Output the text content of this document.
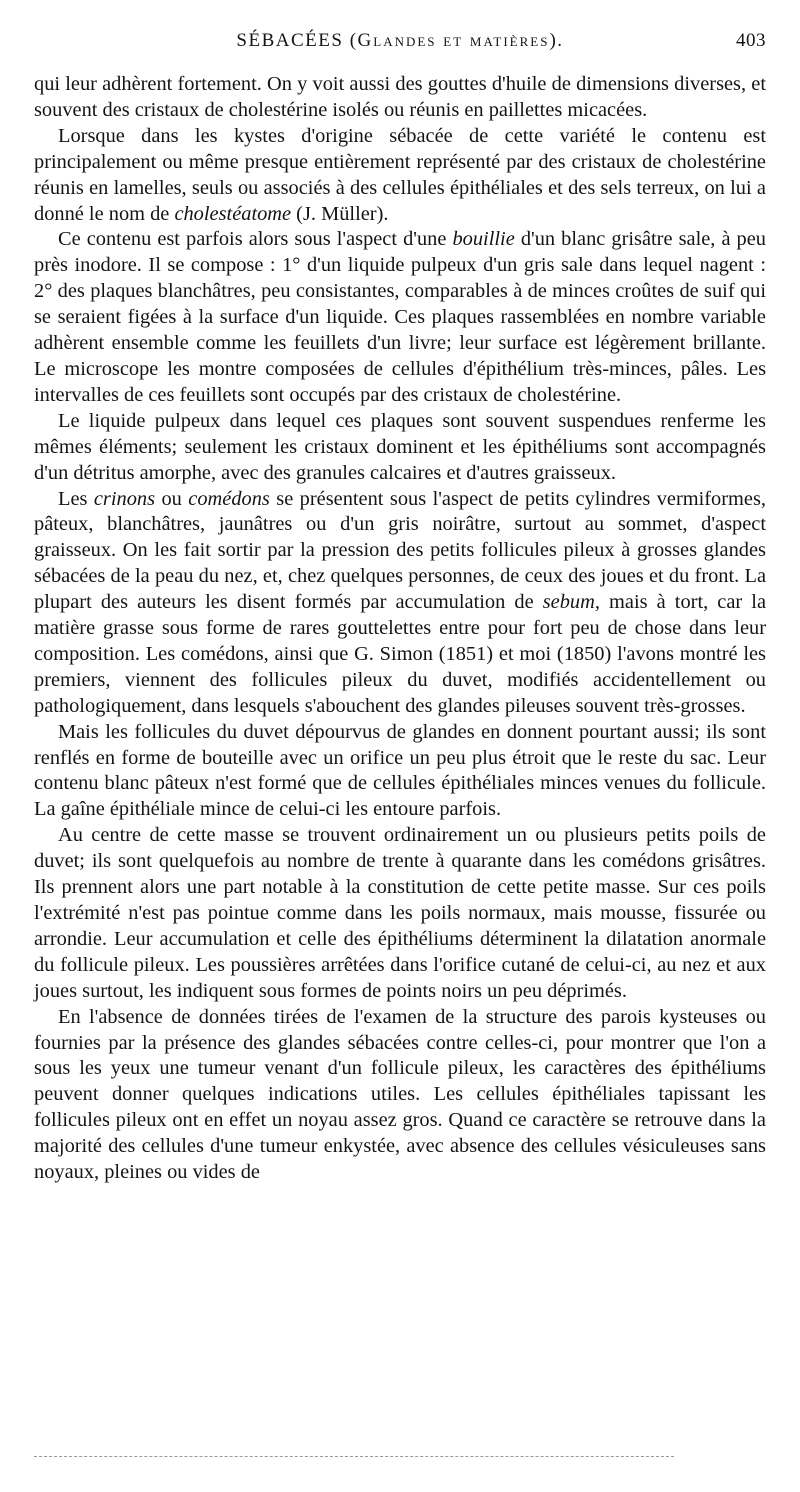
SÉBACÉES (Glandes et matières).	403

qui leur adhèrent fortement. On y voit aussi des gouttes d'huile de dimensions diverses, et souvent des cristaux de cholestérine isolés ou réunis en paillettes micacées.

Lorsque dans les kystes d'origine sébacée de cette variété le contenu est principalement ou même presque entièrement représenté par des cristaux de cholestérine réunis en lamelles, seuls ou associés à des cellules épithéliales et des sels terreux, on lui a donné le nom de cholestéatome (J. Müller).

Ce contenu est parfois alors sous l'aspect d'une bouillie d'un blanc grisâtre sale, à peu près inodore. Il se compose : 1° d'un liquide pulpeux d'un gris sale dans lequel nagent : 2° des plaques blanchâtres, peu consistantes, comparables à de minces croûtes de suif qui se seraient figées à la surface d'un liquide. Ces plaques rassemblées en nombre variable adhèrent ensemble comme les feuillets d'un livre; leur surface est légèrement brillante. Le microscope les montre composées de cellules d'épithélium très-minces, pâles. Les intervalles de ces feuillets sont occupés par des cristaux de cholestérine.

Le liquide pulpeux dans lequel ces plaques sont souvent suspendues renferme les mêmes éléments; seulement les cristaux dominent et les épithéliums sont accompagnés d'un détritus amorphe, avec des granules calcaires et d'autres graisseux.

Les crinons ou comédons se présentent sous l'aspect de petits cylindres vermiformes, pâteux, blanchâtres, jaunâtres ou d'un gris noirâtre, surtout au sommet, d'aspect graisseux. On les fait sortir par la pression des petits follicules pileux à grosses glandes sébacées de la peau du nez, et, chez quelques personnes, de ceux des joues et du front. La plupart des auteurs les disent formés par accumulation de sebum, mais à tort, car la matière grasse sous forme de rares gouttelettes entre pour fort peu de chose dans leur composition. Les comédons, ainsi que G. Simon (1851) et moi (1850) l'avons montré les premiers, viennent des follicules pileux du duvet, modifiés accidentellement ou pathologiquement, dans lesquels s'abouchent des glandes pileuses souvent très-grosses.

Mais les follicules du duvet dépourvus de glandes en donnent pourtant aussi; ils sont renflés en forme de bouteille avec un orifice un peu plus étroit que le reste du sac. Leur contenu blanc pâteux n'est formé que de cellules épithéliales minces venues du follicule. La gaîne épithéliale mince de celui-ci les entoure parfois.

Au centre de cette masse se trouvent ordinairement un ou plusieurs petits poils de duvet; ils sont quelquefois au nombre de trente à quarante dans les comédons grisâtres. Ils prennent alors une part notable à la constitution de cette petite masse. Sur ces poils l'extrémité n'est pas pointue comme dans les poils normaux, mais mousse, fissurée ou arrondie. Leur accumulation et celle des épithéliums déterminent la dilatation anormale du follicule pileux. Les poussières arrêtées dans l'orifice cutané de celui-ci, au nez et aux joues surtout, les indiquent sous formes de points noirs un peu déprimés.

En l'absence de données tirées de l'examen de la structure des parois kysteuses ou fournies par la présence des glandes sébacées contre celles-ci, pour montrer que l'on a sous les yeux une tumeur venant d'un follicule pileux, les caractères des épithéliums peuvent donner quelques indications utiles. Les cellules épithéliales tapissant les follicules pileux ont en effet un noyau assez gros. Quand ce caractère se retrouve dans la majorité des cellules d'une tumeur enkystée, avec absence des cellules vésiculeuses sans noyaux, pleines ou vides de
